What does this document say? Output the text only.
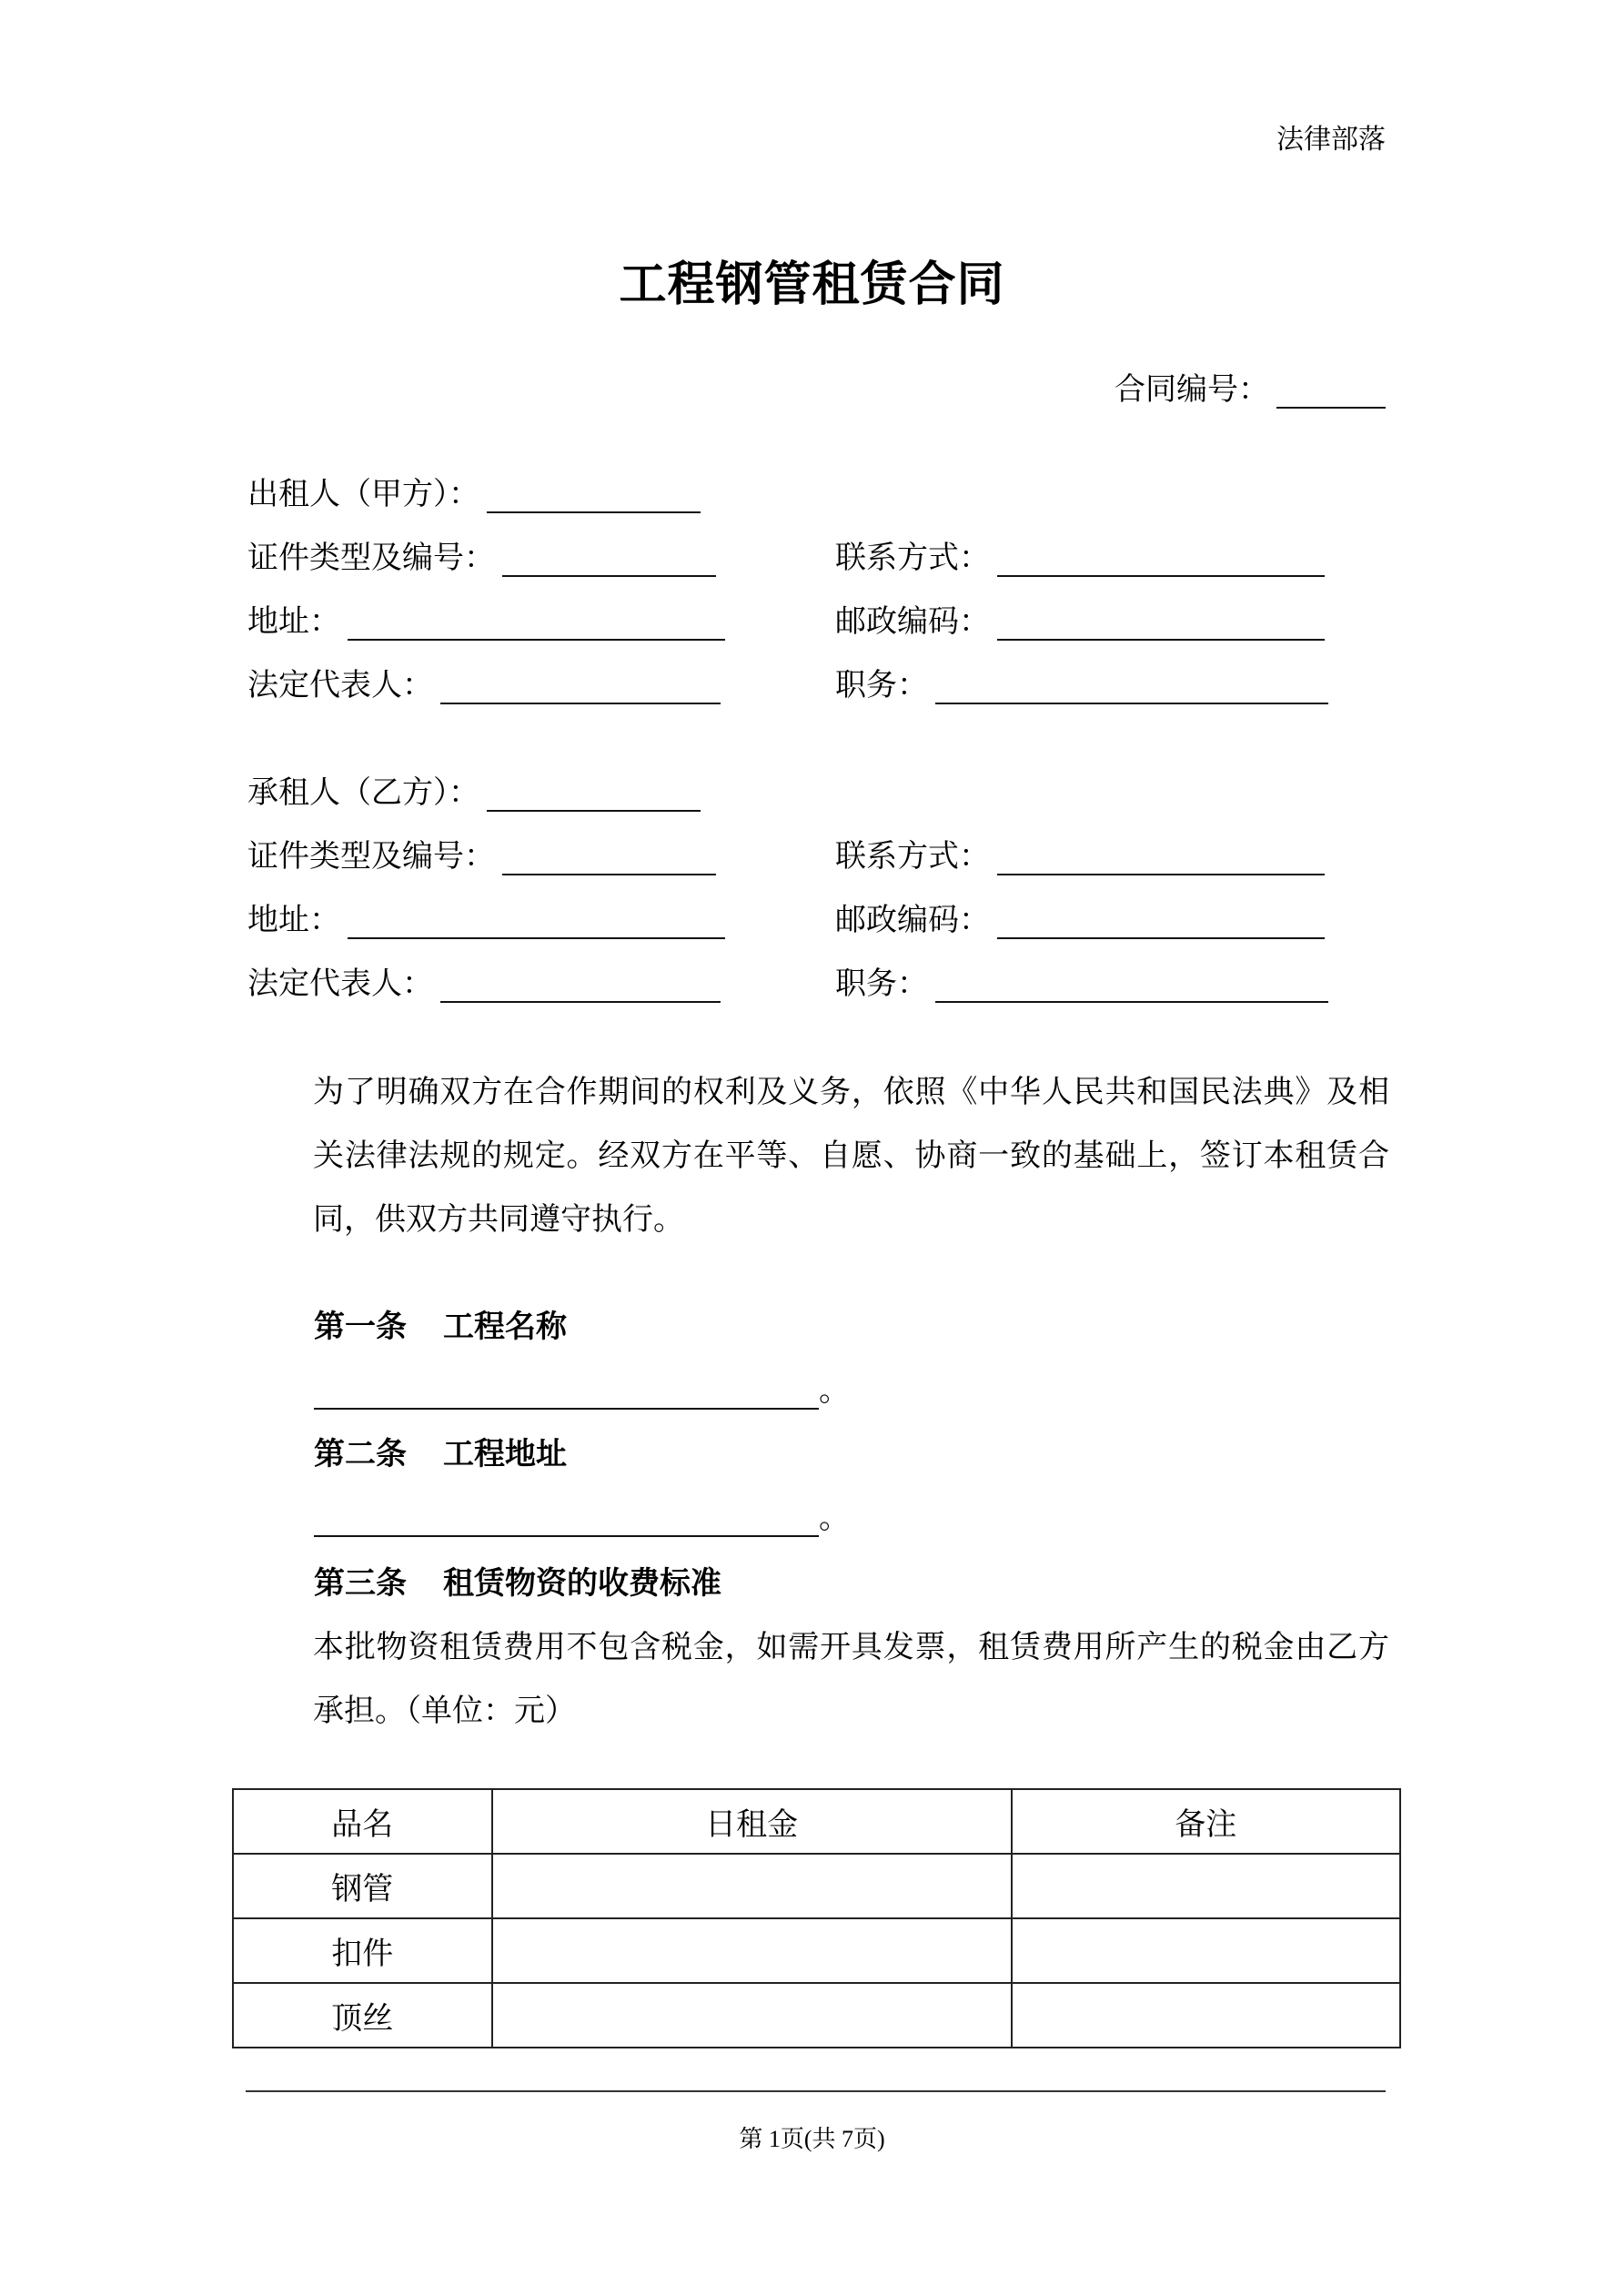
法律部落
工程钢管租赁合同
合同编号：
出租人（甲方）：
证件类型及编号：	联系方式：
地址：	邮政编码：
法定代表人：	职务：
承租人（乙方）：
证件类型及编号：	联系方式：
地址：	邮政编码：
法定代表人：	职务：
为了明确双方在合作期间的权利及义务，依照《中华人民共和国民法典》及相关法律法规的规定。经双方在平等、自愿、协商一致的基础上，签订本租赁合同，供双方共同遵守执行。
第一条 工程名称
。
第二条 工程地址
。
第三条 租赁物资的收费标准
本批物资租赁费用不包含税金，如需开具发票，租赁费用所产生的税金由乙方承担。（单位：元）
品名	日租金	备注
钢管		
扣件		
顶丝		
第 1页(共 7页)
